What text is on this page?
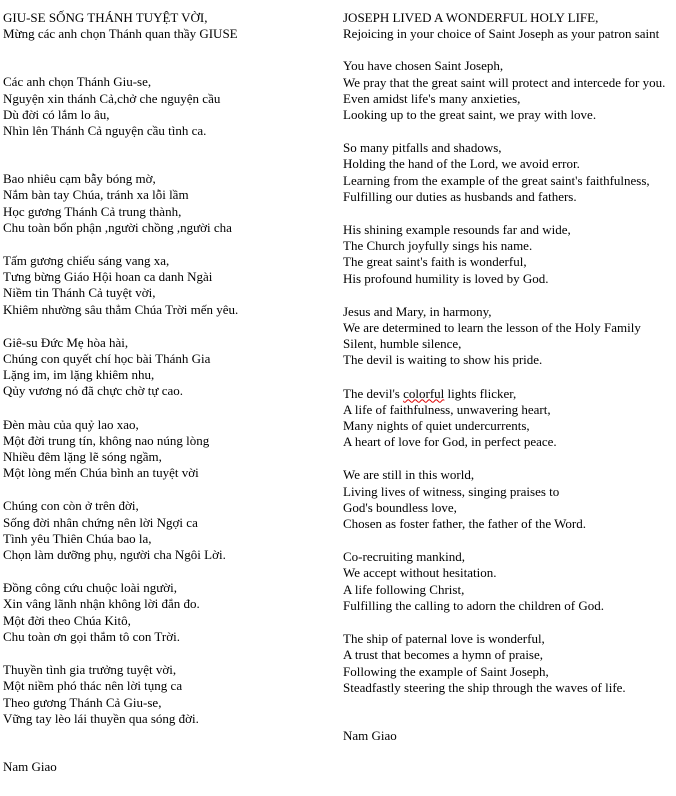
GIU-SE SỐNG THÁNH TUYỆT VỜI,
Mừng các anh chọn Thánh quan thầy GIUSE
Các anh chọn Thánh Giu-se,
Nguyện xin thánh Cả,chở che nguyện cầu
Dù đời có lắm lo âu,
Nhìn lên Thánh Cả nguyện cầu tình ca.
Bao nhiêu cạm bẫy bóng mờ,
Nắm bàn tay Chúa, tránh xa lỗi lầm
Học gương Thánh Cả trung thành,
Chu toàn bổn phận ,người chồng ,người cha
Tấm gương chiếu sáng vang xa,
Tưng bừng Giáo Hội hoan ca danh Ngài
Niềm tin Thánh Cả tuyệt vời,
Khiêm nhường sâu thẳm Chúa Trời mến yêu.
Giê-su Đức Mẹ hòa hài,
Chúng con quyết chí học bài Thánh Gia
Lặng im, im lặng khiêm nhu,
Qủy vương nó đã chực chờ tự cao.
Đèn màu của quỷ lao xao,
Một đời trung tín, không nao núng lòng
Nhiều đêm lặng lẽ sóng ngầm,
Một lòng mến Chúa bình an tuyệt vời
Chúng con còn ở trên đời,
Sống đời nhân chứng nên lời Ngợi ca
Tình yêu Thiên Chúa bao la,
Chọn làm dưỡng phụ, người cha Ngôi Lời.
Đồng công cứu chuộc loài người,
Xin vâng lãnh nhận không lời đắn đo.
Một đời theo Chúa Kitô,
Chu toàn ơn gọi thắm tô con Trời.
Thuyền tình gia trưởng tuyệt vời,
Một niềm phó thác nên lời tụng ca
Theo gương Thánh Cả Giu-se,
Vững tay lèo lái thuyền qua sóng đời.
Nam Giao
JOSEPH LIVED A WONDERFUL HOLY LIFE,
Rejoicing in your choice of Saint Joseph as your patron saint
You have chosen Saint Joseph,
We pray that the great saint will protect and intercede for you.
Even amidst life's many anxieties,
Looking up to the great saint, we pray with love.
So many pitfalls and shadows,
Holding the hand of the Lord, we avoid error.
Learning from the example of the great saint's faithfulness,
Fulfilling our duties as husbands and fathers.
His shining example resounds far and wide,
The Church joyfully sings his name.
The great saint's faith is wonderful,
His profound humility is loved by God.
Jesus and Mary, in harmony,
We are determined to learn the lesson of the Holy Family
Silent, humble silence,
The devil is waiting to show his pride.
The devil's colorful lights flicker,
A life of faithfulness, unwavering heart,
Many nights of quiet undercurrents,
A heart of love for God, in perfect peace.
We are still in this world,
Living lives of witness, singing praises to
God's boundless love,
Chosen as foster father, the father of the Word.
Co-recruiting mankind,
We accept without hesitation.
A life following Christ,
Fulfilling the calling to adorn the children of God.
The ship of paternal love is wonderful,
A trust that becomes a hymn of praise,
Following the example of Saint Joseph,
Steadfastly steering the ship through the waves of life.
Nam Giao
